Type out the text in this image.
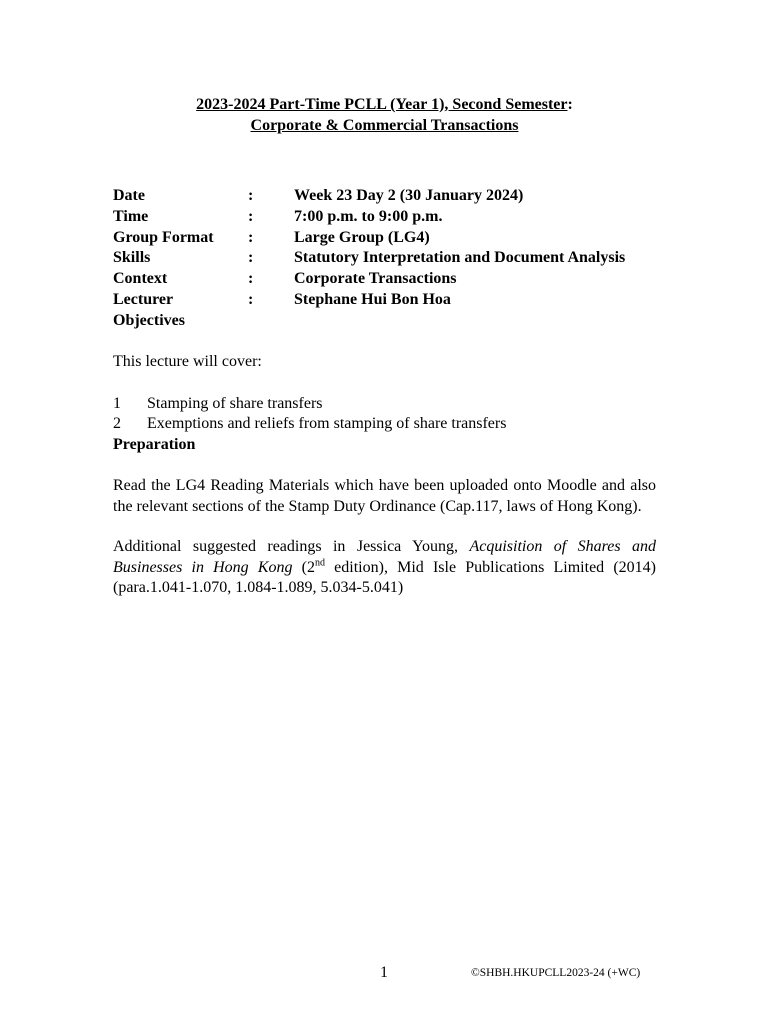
2023-2024 Part-Time PCLL (Year 1), Second Semester:
Corporate & Commercial Transactions

Date	:	Week 23 Day 2 (30 January 2024)
Time	:	7:00 p.m. to 9:00 p.m.
Group Format	:	Large Group (LG4)
Skills	:	Statutory Interpretation and Document Analysis
Context	:	Corporate Transactions
Lecturer	:	Stephane Hui Bon Hoa
Objectives

This lecture will cover:

1	Stamping of share transfers
2	Exemptions and reliefs from stamping of share transfers
Preparation

Read the LG4 Reading Materials which have been uploaded onto Moodle and also the relevant sections of the Stamp Duty Ordinance (Cap.117, laws of Hong Kong).

Additional suggested readings in Jessica Young, Acquisition of Shares and Businesses in Hong Kong (2nd edition), Mid Isle Publications Limited (2014) (para.1.041-1.070, 1.084-1.089, 5.034-5.041)

1	©SHBH.HKUPCLL2023-24 (+WC)
